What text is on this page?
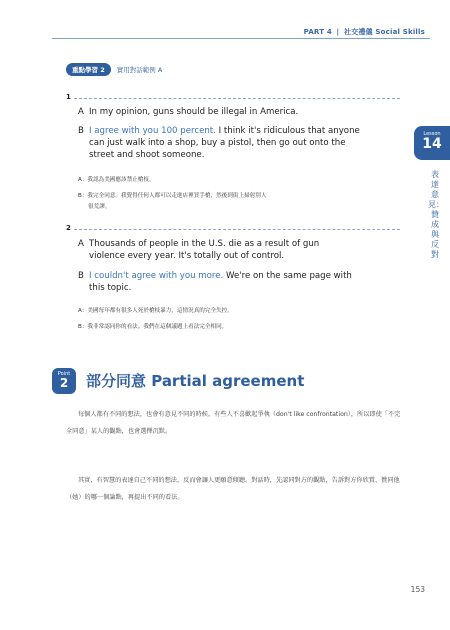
PART 4 | 社交禮儀 Social Skills
重點學習 2	實用對話範例 A
Lesson
14
表達意見：贊成與反對
1
A In my opinion, guns should be illegal in America.
B I agree with you 100 percent. I think it's ridiculous that anyone
can just walk into a shop, buy a pistol, then go out onto the
street and shoot someone.
A：我認為美國應該禁止槍枝。
B：我完全同意。我覺得任何人都可以走進店裡買手槍，然後到街上掃射別人
很荒謬。
2
A Thousands of people in the U.S. die as a result of gun
violence every year. It's totally out of control.
B I couldn't agree with you more. We're on the same page with
this topic.
A：美國每年都有很多人死於槍枝暴力，這情況真的完全失控。
B：我非常認同你的看法。我們在這個議題上看法完全相同。
Point
2	部分同意 Partial agreement
每個人都有不同的想法，也會有意見不同的時候。有些人不喜歡起爭執（don't like confrontation），所以即使「不完全同意」某人的觀點，也會選擇沉默。
其實，有智慧的表達自己不同的想法，反而會讓人更願意傾聽。對話時，先認同對方的觀點，告訴對方你欣賞、贊同他（她）的哪一個論點，再提出不同的看法。
153
